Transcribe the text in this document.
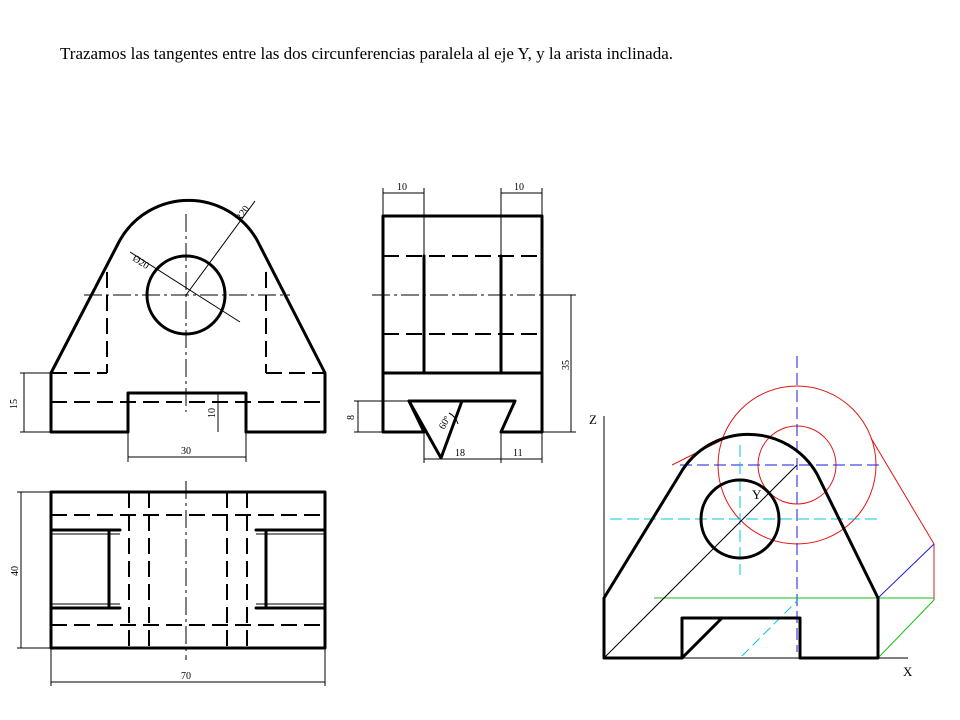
Trazamos las tangentes entre las dos circunferencias paralela al eje Y, y la arista inclinada.
R20
Ø20
15
10
30
60º
10	10
35
8
18	11
40
70
Z
X
Y
